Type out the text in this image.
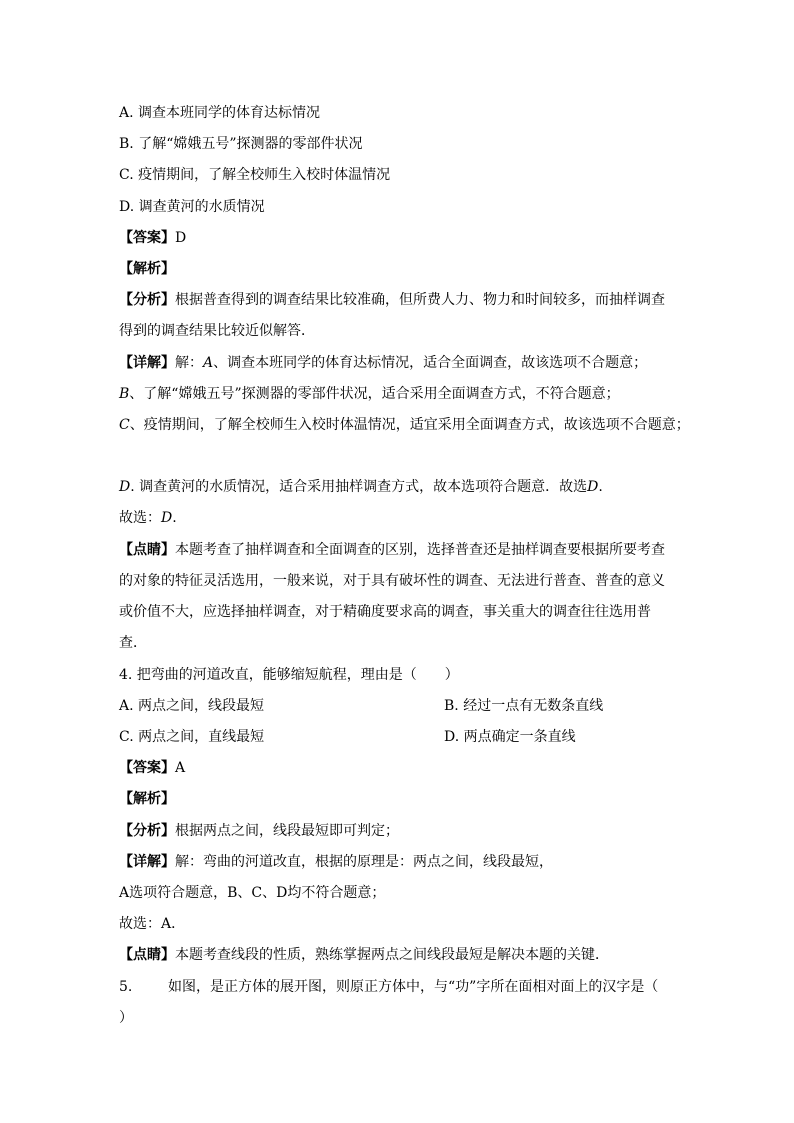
A. 调查本班同学的体育达标情况
B. 了解“嫦娥五号”探测器的零部件状况
C. 疫情期间，了解全校师生入校时体温情况
D. 调查黄河的水质情况
【答案】D
【解析】
【分析】根据普查得到的调查结果比较准确，但所费人力、物力和时间较多，而抽样调查
得到的调查结果比较近似解答．
【详解】解：A、调查本班同学的体育达标情况，适合全面调查，故该选项不合题意；
B、了解“嫦娥五号”探测器的零部件状况，适合采用全面调查方式，不符合题意；
C、疫情期间，了解全校师生入校时体温情况，适宜采用全面调查方式，故该选项不合题意；
D. 调查黄河的水质情况，适合采用抽样调查方式，故本选项符合题意．故选D.
故选：D.
【点睛】本题考查了抽样调查和全面调查的区别，选择普查还是抽样调查要根据所要考查
的对象的特征灵活选用，一般来说，对于具有破坏性的调查、无法进行普查、普查的意义
或价值不大，应选择抽样调查，对于精确度要求高的调查，事关重大的调查往往选用普
查．
4. 把弯曲的河道改直，能够缩短航程，理由是（　　）
A. 两点之间，线段最短	B. 经过一点有无数条直线
C. 两点之间，直线最短	D. 两点确定一条直线
【答案】A
【解析】
【分析】根据两点之间，线段最短即可判定；
【详解】解：弯曲的河道改直，根据的原理是：两点之间，线段最短，
A选项符合题意，B、C、D均不符合题意；
故选：A．
【点睛】本题考查线段的性质，熟练掌握两点之间线段最短是解决本题的关键．
5.	如图，是正方体的展开图，则原正方体中，与“功”字所在面相对面上的汉字是（
）
